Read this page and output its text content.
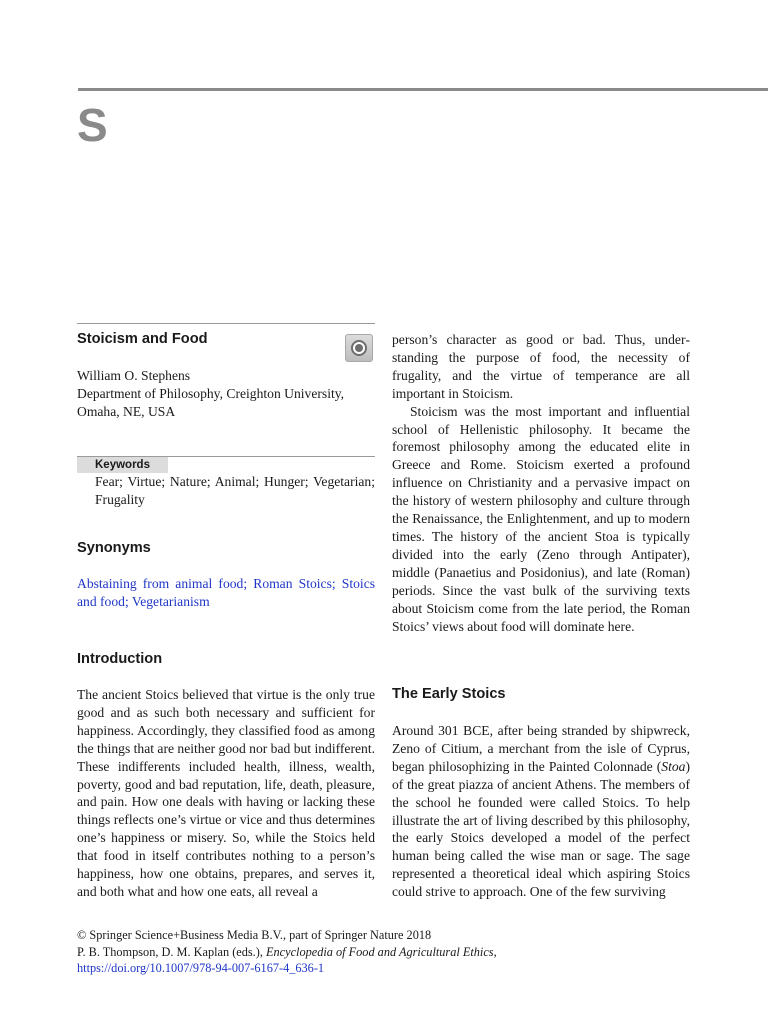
S
Stoicism and Food
William O. Stephens
Department of Philosophy, Creighton University,
Omaha, NE, USA
Keywords

Fear; Virtue; Nature; Animal; Hunger; Vegetarian; Frugality

Synonyms

Abstaining from animal food; Roman Stoics; Stoics and food; Vegetarianism

Introduction

The ancient Stoics believed that virtue is the only true good and as such both necessary and sufficient for happiness. Accordingly, they classified food as among the things that are neither good nor bad but indifferent. These indifferents included health, illness, wealth, poverty, good and bad reputation, life, death, pleasure, and pain. How one deals with having or lacking these things reflects one’s virtue or vice and thus determines one’s happiness or misery. So, while the Stoics held that food in itself contributes nothing to a person’s happiness, how one obtains, prepares, and serves it, and both what and how one eats, all reveal a

person’s character as good or bad. Thus, understanding the purpose of food, the necessity of frugality, and the virtue of temperance are all important in Stoicism.

Stoicism was the most important and influential school of Hellenistic philosophy. It became the foremost philosophy among the educated elite in Greece and Rome. Stoicism exerted a profound influence on Christianity and a pervasive impact on the history of western philosophy and culture through the Renaissance, the Enlightenment, and up to modern times. The history of the ancient Stoa is typically divided into the early (Zeno through Antipater), middle (Panaetius and Posidonius), and late (Roman) periods. Since the vast bulk of the surviving texts about Stoicism come from the late period, the Roman Stoics’ views about food will dominate here.

The Early Stoics

Around 301 BCE, after being stranded by shipwreck, Zeno of Citium, a merchant from the isle of Cyprus, began philosophizing in the Painted Colonnade (Stoa) of the great piazza of ancient Athens. The members of the school he founded were called Stoics. To help illustrate the art of living described by this philosophy, the early Stoics developed a model of the perfect human being called the wise man or sage. The sage represented a theoretical ideal which aspiring Stoics could strive to approach. One of the few surviving

© Springer Science+Business Media B.V., part of Springer Nature 2018
P. B. Thompson, D. M. Kaplan (eds.), Encyclopedia of Food and Agricultural Ethics,
https://doi.org/10.1007/978-94-007-6167-4_636-1
